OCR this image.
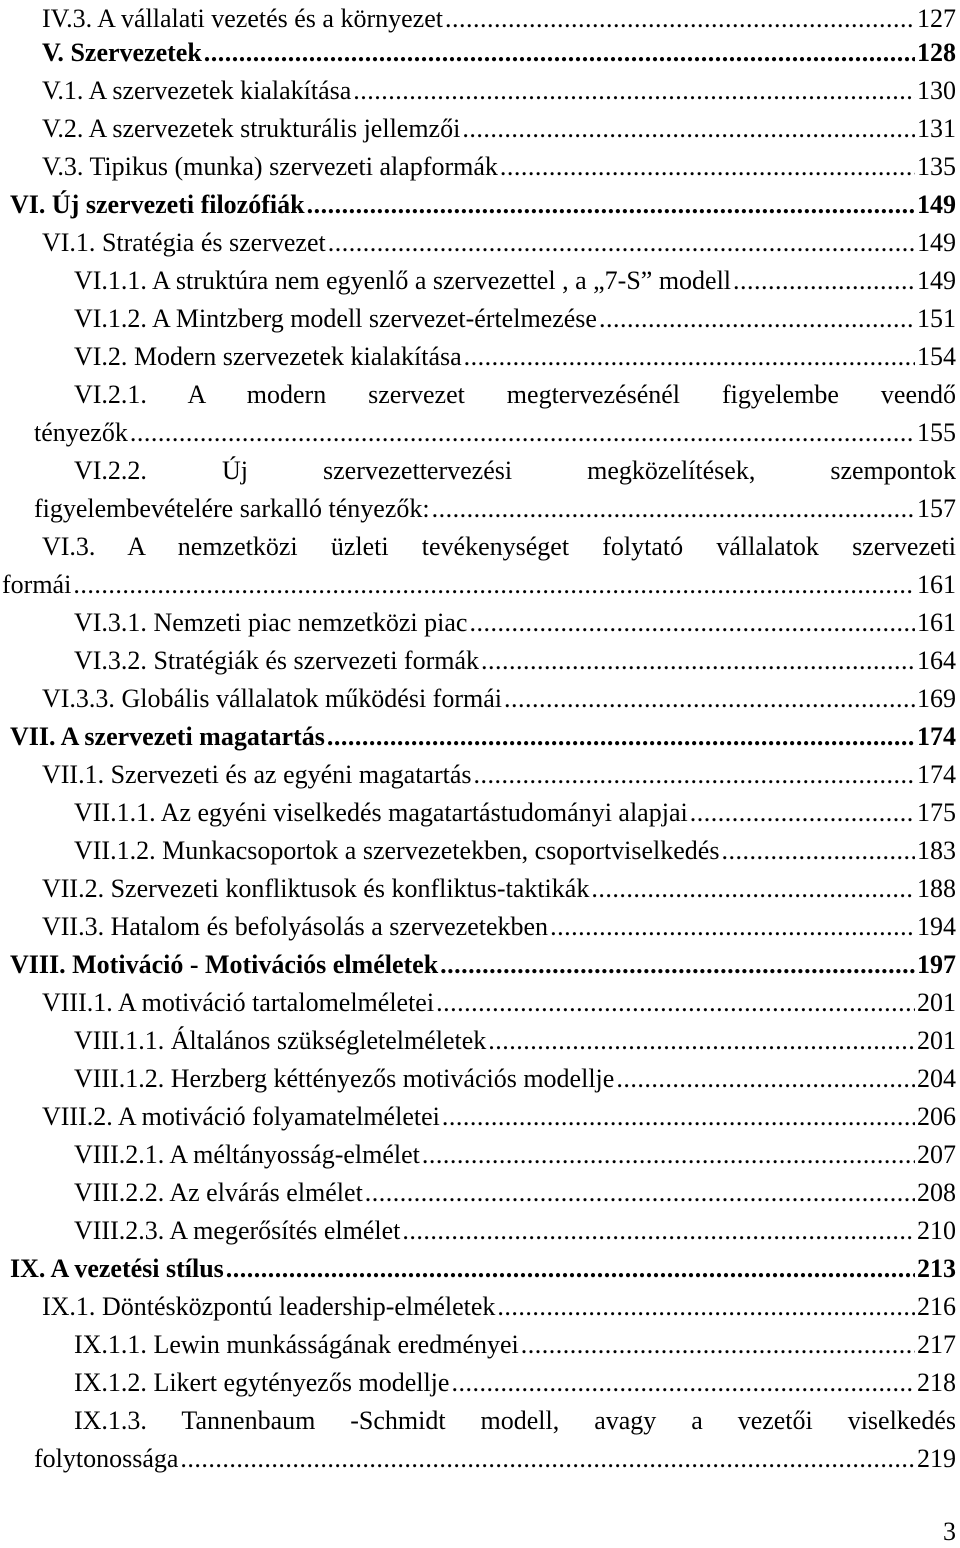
IV.3. A vállalati vezetés és a környezet .....	127
V. Szervezetek .....	128
V.1. A szervezetek kialakítása .....	130
V.2. A szervezetek strukturális jellemzői .....	131
V.3. Tipikus (munka) szervezeti alapformák .....	135
VI. Új szervezeti filozófiák .....	149
VI.1. Stratégia és szervezet .....	149
VI.1.1. A struktúra nem egyenlő a szervezettel , a „7-S” modell .....	149
VI.1.2. A Mintzberg modell szervezet-értelmezése .....	151
VI.2. Modern szervezetek kialakítása .....	154
VI.2.1. A modern szervezet megtervezésénél figyelembe veendő
tényezők .....	155
VI.2.2.	Új szervezettervezési megközelítések, szempontok
figyelembevételére sarkalló tényezők: .....	157
VI.3. A nemzetközi üzleti tevékenységet folytató vállalatok szervezeti
formái .....	161
VI.3.1. Nemzeti piac nemzetközi piac .....	161
VI.3.2. Stratégiák és szervezeti formák .....	164
VI.3.3. Globális vállalatok működési formái .....	169
VII. A szervezeti magatartás .....	174
VII.1. Szervezeti és az egyéni magatartás .....	174
VII.1.1. Az egyéni viselkedés magatartástudományi alapjai .....	175
VII.1.2. Munkacsoportok a szervezetekben, csoportviselkedés .....	183
VII.2. Szervezeti konfliktusok és konfliktus-taktikák .....	188
VII.3. Hatalom és befolyásolás a szervezetekben .....	194
VIII. Motiváció - Motivációs elméletek .....	197
VIII.1. A motiváció tartalomelméletei .....	201
VIII.1.1. Általános szükségletelméletek .....	201
VIII.1.2. Herzberg kéttényezős motivációs modellje .....	204
VIII.2. A motiváció folyamatelméletei .....	206
VIII.2.1. A méltányosság-elmélet .....	207
VIII.2.2. Az elvárás elmélet .....	208
VIII.2.3. A megerősítés elmélet .....	210
IX. A vezetési stílus .....	213
IX.1. Döntésközpontú leadership-elméletek .....	216
IX.1.1. Lewin munkásságának eredményei .....	217
IX.1.2. Likert egytényezős modellje .....	218
IX.1.3. Tannenbaum -Schmidt modell, avagy a vezetői viselkedés
folytonossága .....	219
3
